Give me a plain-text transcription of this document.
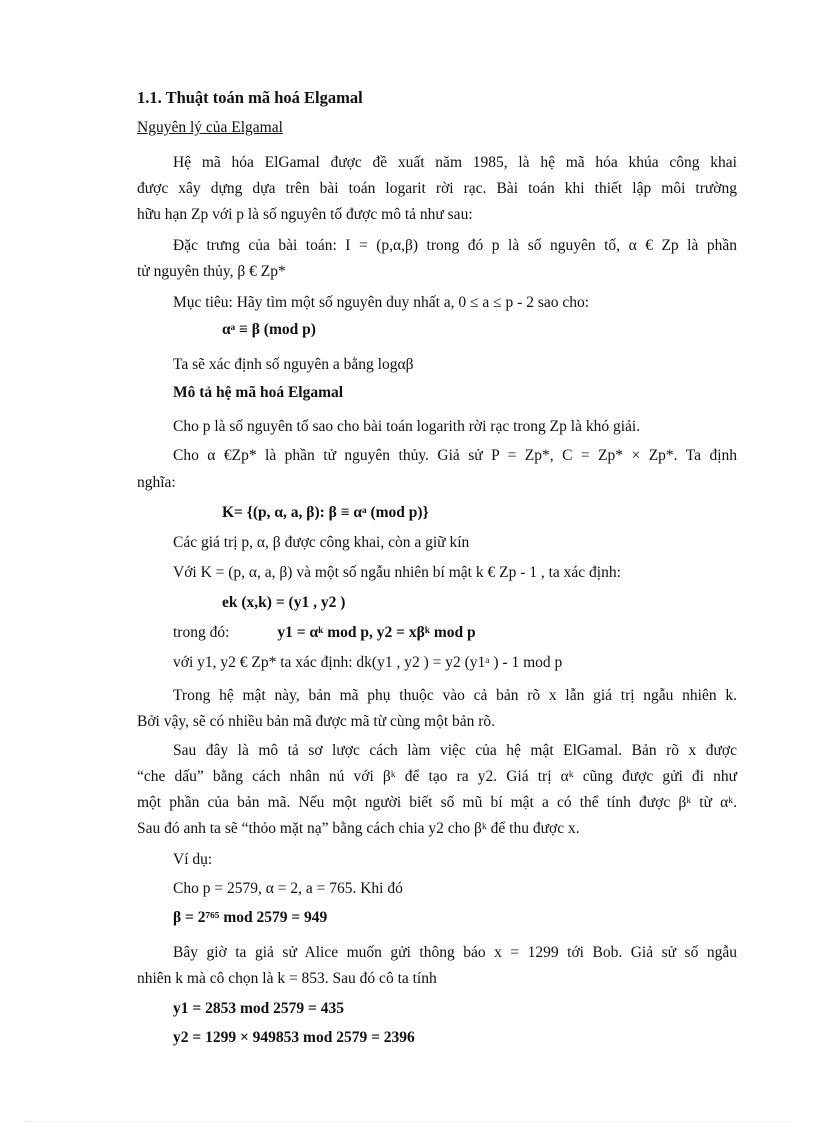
1.1. Thuật toán mã hoá Elgamal
Nguyên lý của Elgamal
Hệ mã hóa ElGamal được đề xuất năm 1985, là hệ mã hóa khúa công khai
được xây dựng dựa trên bài toán logarit rời rạc. Bài toán khi thiết lập môi trường
hữu hạn Zp với p là số nguyên tố được mô tả như sau:
Đặc trưng của bài toán: I = (p,α,β) trong đó p là số nguyên tố, α € Zp là phần
tử nguyên thủy, β € Zp*
Mục tiêu: Hãy tìm một số nguyên duy nhất a, 0 ≤ a ≤ p - 2 sao cho:
αᵃ ≡ β (mod p)
Ta sẽ xác định số nguyên a bằng logαβ
Mô tả hệ mã hoá Elgamal
Cho p là số nguyên tố sao cho bài toán logarith rời rạc trong Zp là khó giải.
Cho α €Zp* là phần tử nguyên thủy. Giả sử P = Zp*, C = Zp* × Zp*. Ta định
nghĩa:
K= {(p, α, a, β): β ≡ αᵃ (mod p)}
Các giá trị p, α, β được công khai, còn a giữ kín
Với K = (p, α, a, β) và một số ngẫu nhiên bí mật k € Zp - 1 , ta xác định:
ek (x,k) = (y1 , y2 )
trong đó:	y1 = αᵏ mod p, y2 = xβᵏ mod p
với y1, y2 € Zp* ta xác định: dk(y1 , y2 ) = y2 (y1ᵃ ) - 1 mod p
Trong hệ mật này, bản mã phụ thuộc vào cả bản rõ x lẫn giá trị ngẫu nhiên k.
Bởi vậy, sẽ có nhiều bản mã được mã từ cùng một bản rõ.
Sau đây là mô tả sơ lược cách làm việc của hệ mật ElGamal. Bản rõ x được
“che dấu” bằng cách nhân nú với βᵏ để tạo ra y2. Giá trị αᵏ cũng được gửi đi như
một phần của bản mã. Nếu một người biết số mũ bí mật a có thể tính được βᵏ từ αᵏ.
Sau đó anh ta sẽ “thỏo mặt nạ” bằng cách chia y2 cho βᵏ để thu được x.
Ví dụ:
Cho p = 2579, α = 2, a = 765. Khi đó
β = 2⁷⁶⁵ mod 2579 = 949
Bây giờ ta giả sử Alice muốn gửi thông báo x = 1299 tới Bob. Giả sử số ngẫu
nhiên k mà cô chọn là k = 853. Sau đó cô ta tính
y1 = 2853 mod 2579 = 435
y2 = 1299 × 949853 mod 2579 = 2396
